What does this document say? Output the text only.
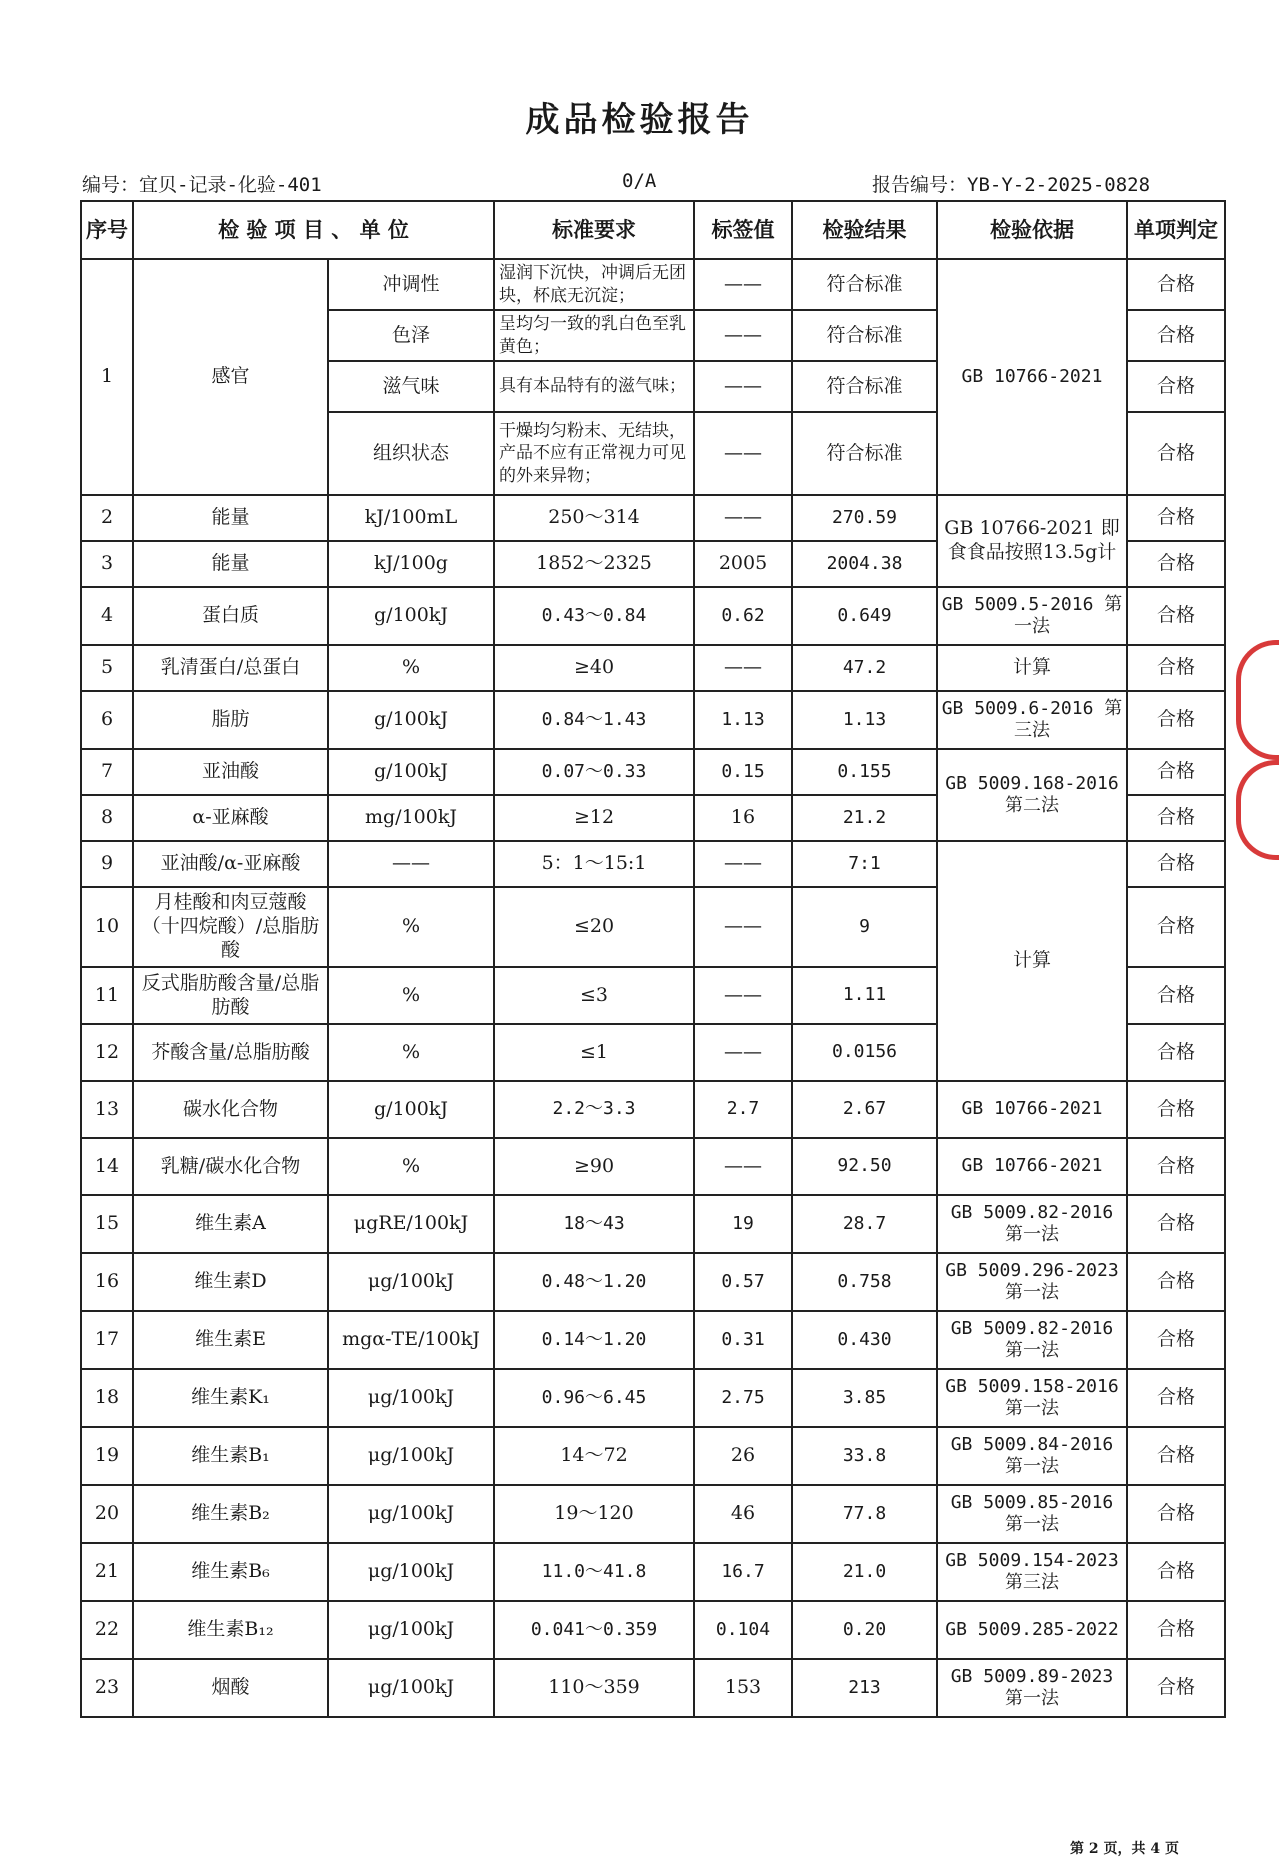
成品检验报告
编号：宜贝-记录-化验-401	0/A	报告编号：YB-Y-2-2025-0828
序号	检 验 项 目 、 单 位		标准要求	标签值	检验结果	检验依据	单项判定
1	感官	冲调性	湿润下沉快，冲调后无团块，杯底无沉淀；	——	符合标准	GB 10766-2021	合格
		色泽	呈均匀一致的乳白色至乳黄色；	——	符合标准		合格
		滋气味	具有本品特有的滋气味；	——	符合标准		合格
		组织状态	干燥均匀粉末、无结块，产品不应有正常视力可见的外来异物；	——	符合标准		合格
2	能量	kJ/100mL	250～314	——	270.59	GB 10766-2021 即食食品按照13.5g计	合格
3	能量	kJ/100g	1852～2325	2005	2004.38		合格
4	蛋白质	g/100kJ	0.43～0.84	0.62	0.649	GB 5009.5-2016 第一法	合格
5	乳清蛋白/总蛋白	%	≥40	——	47.2	计算	合格
6	脂肪	g/100kJ	0.84～1.43	1.13	1.13	GB 5009.6-2016 第三法	合格
7	亚油酸	g/100kJ	0.07～0.33	0.15	0.155	GB 5009.168-2016 第二法	合格
8	α-亚麻酸	mg/100kJ	≥12	16	21.2		合格
9	亚油酸/α-亚麻酸	——	5：1～15:1	——	7:1	计算	合格
10	月桂酸和肉豆蔻酸（十四烷酸）/总脂肪酸	%	≤20	——	9		合格
11	反式脂肪酸含量/总脂肪酸	%	≤3	——	1.11		合格
12	芥酸含量/总脂肪酸	%	≤1	——	0.0156		合格
13	碳水化合物	g/100kJ	2.2～3.3	2.7	2.67	GB 10766-2021	合格
14	乳糖/碳水化合物	%	≥90	——	92.50	GB 10766-2021	合格
15	维生素A	μgRE/100kJ	18～43	19	28.7	GB 5009.82-2016 第一法	合格
16	维生素D	μg/100kJ	0.48～1.20	0.57	0.758	GB 5009.296-2023 第一法	合格
17	维生素E	mgα-TE/100kJ	0.14～1.20	0.31	0.430	GB 5009.82-2016 第一法	合格
18	维生素K₁	μg/100kJ	0.96～6.45	2.75	3.85	GB 5009.158-2016 第一法	合格
19	维生素B₁	μg/100kJ	14～72	26	33.8	GB 5009.84-2016 第一法	合格
20	维生素B₂	μg/100kJ	19～120	46	77.8	GB 5009.85-2016 第一法	合格
21	维生素B₆	μg/100kJ	11.0～41.8	16.7	21.0	GB 5009.154-2023 第三法	合格
22	维生素B₁₂	μg/100kJ	0.041～0.359	0.104	0.20	GB 5009.285-2022	合格
23	烟酸	μg/100kJ	110～359	153	213	GB 5009.89-2023 第一法	合格
第 2 页，共 4 页
